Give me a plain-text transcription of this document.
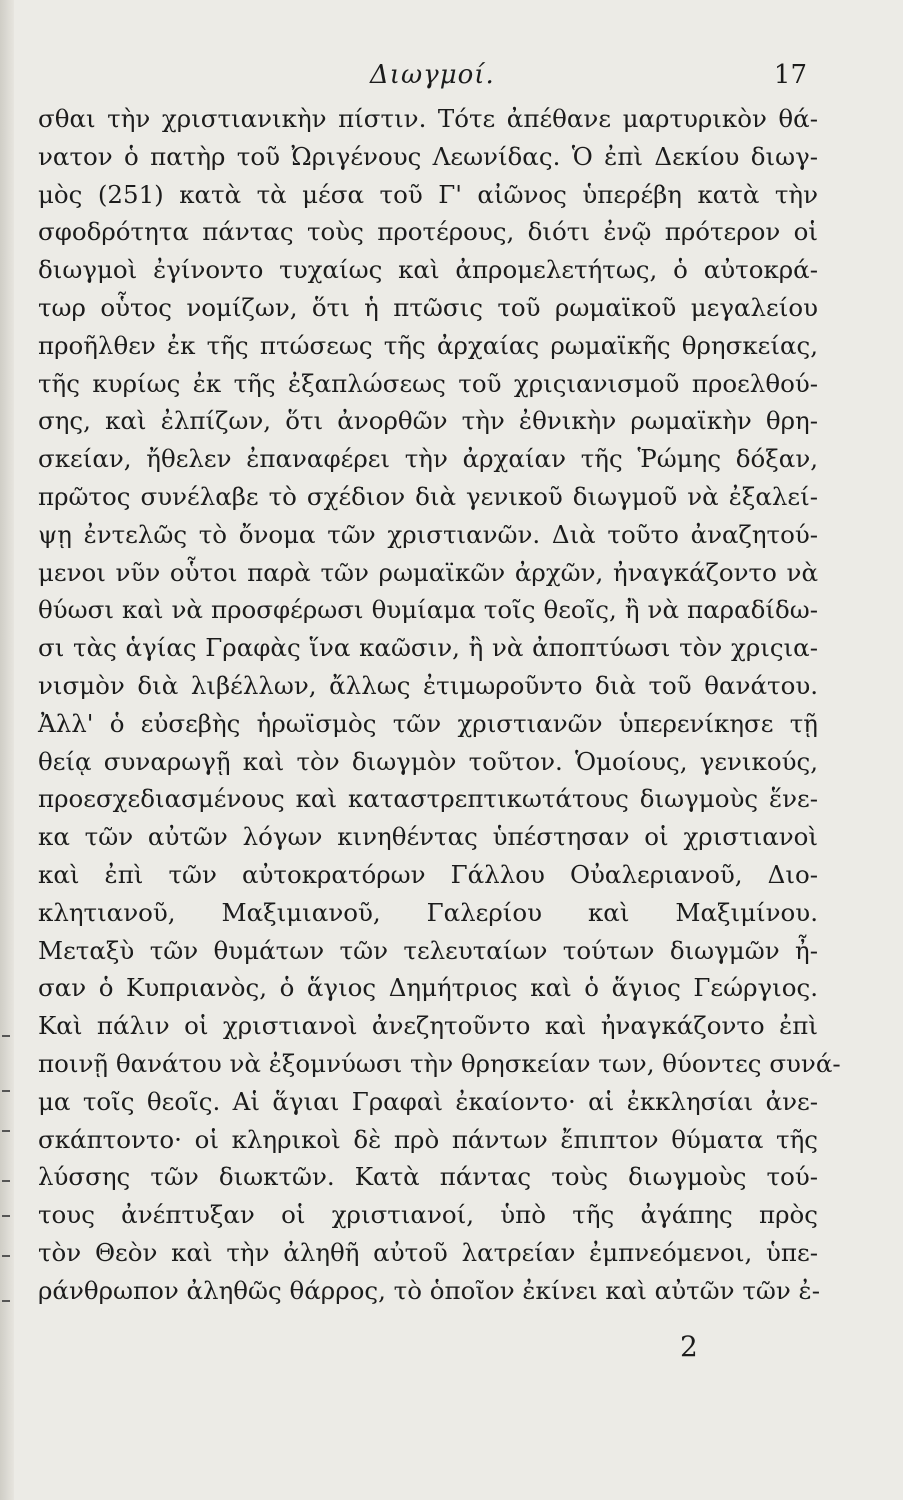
Διωγμοί.	17
σθαι τὴν χριστιανικὴν πίστιν. Τότε ἀπέθανε μαρτυρικὸν θά-
νατον ὁ πατὴρ τοῦ Ὠριγένους Λεωνίδας. Ὁ ἐπὶ Δεκίου διωγ-
μὸς (251) κατὰ τὰ μέσα τοῦ Γ' αἰῶνος ὑπερέβη κατὰ τὴν
σφοδρότητα πάντας τοὺς προτέρους, διότι ἐνῷ πρότερον οἱ
διωγμοὶ ἐγίνοντο τυχαίως καὶ ἀπρομελετήτως, ὁ αὐτοκρά-
τωρ οὗτος νομίζων, ὅτι ἡ πτῶσις τοῦ ρωμαϊκοῦ μεγαλείου
προῆλθεν ἐκ τῆς πτώσεως τῆς ἀρχαίας ρωμαϊκῆς θρησκείας,
τῆς κυρίως ἐκ τῆς ἐξαπλώσεως τοῦ χριςιανισμοῦ προελθού-
σης, καὶ ἐλπίζων, ὅτι ἀνορθῶν τὴν ἐθνικὴν ρωμαϊκὴν θρη-
σκείαν, ἤθελεν ἐπαναφέρει τὴν ἀρχαίαν τῆς Ῥώμης δόξαν,
πρῶτος συνέλαβε τὸ σχέδιον διὰ γενικοῦ διωγμοῦ νὰ ἐξαλεί-
ψῃ ἐντελῶς τὸ ὄνομα τῶν χριστιανῶν. Διὰ τοῦτο ἀναζητού-
μενοι νῦν οὗτοι παρὰ τῶν ρωμαϊκῶν ἀρχῶν, ἠναγκάζοντο νὰ
θύωσι καὶ νὰ προσφέρωσι θυμίαμα τοῖς θεοῖς, ἢ νὰ παραδίδω-
σι τὰς ἁγίας Γραφὰς ἵνα καῶσιν, ἢ νὰ ἀποπτύωσι τὸν χριςια-
νισμὸν διὰ λιβέλλων, ἄλλως ἐτιμωροῦντο διὰ τοῦ θανάτου.
Ἀλλ' ὁ εὐσεβὴς ἡρωϊσμὸς τῶν χριστιανῶν ὑπερενίκησε τῇ
θείᾳ συναρωγῇ καὶ τὸν διωγμὸν τοῦτον. Ὁμοίους, γενικούς,
προεσχεδιασμένους καὶ καταστρεπτικωτάτους διωγμοὺς ἕνε-
κα τῶν αὐτῶν λόγων κινηθέντας ὑπέστησαν οἱ χριστιανοὶ
καὶ ἐπὶ τῶν αὐτοκρατόρων Γάλλου Οὐαλεριανοῦ, Διο-
κλητιανοῦ, Μαξιμιανοῦ, Γαλερίου καὶ Μαξιμίνου.
Μεταξὺ τῶν θυμάτων τῶν τελευταίων τούτων διωγμῶν ἦ-
σαν ὁ Κυπριανὸς, ὁ ἅγιος Δημήτριος καὶ ὁ ἅγιος Γεώργιος.
Καὶ πάλιν οἱ χριστιανοὶ ἀνεζητοῦντο καὶ ἠναγκάζοντο ἐπὶ
ποινῇ θανάτου νὰ ἐξομνύωσι τὴν θρησκείαν των, θύοντες συνά-
μα τοῖς θεοῖς. Αἱ ἅγιαι Γραφαὶ ἐκαίοντο· αἱ ἐκκλησίαι ἀνε-
σκάπτοντο· οἱ κληρικοὶ δὲ πρὸ πάντων ἔπιπτον θύματα τῆς
λύσσης τῶν διωκτῶν. Κατὰ πάντας τοὺς διωγμοὺς τού-
τους ἀνέπτυξαν οἱ χριστιανοί, ὑπὸ τῆς ἀγάπης πρὸς
τὸν Θεὸν καὶ τὴν ἀληθῆ αὐτοῦ λατρείαν ἐμπνεόμενοι, ὑπε-
ράνθρωπον ἀληθῶς θάρρος, τὸ ὁποῖον ἐκίνει καὶ αὐτῶν τῶν ἐ-
2
